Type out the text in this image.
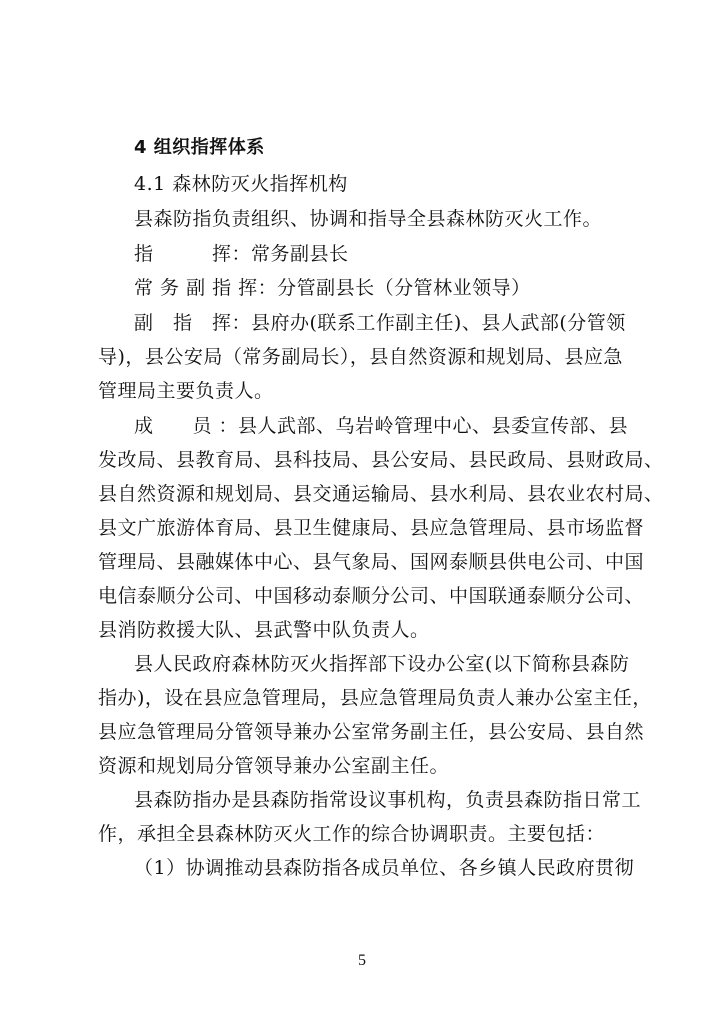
4 组织指挥体系
4.1 森林防灭火指挥机构
县森防指负责组织、协调和指导全县森林防灭火工作。
指　　　挥：常务副县长
常 务 副 指 挥：分管副县长（分管林业领导）
副　指　挥：县府办(联系工作副主任)、县人武部(分管领
导)，县公安局（常务副局长），县自然资源和规划局、县应急
管理局主要负责人。
成　　员 ：县人武部、乌岩岭管理中心、县委宣传部、县
发改局、县教育局、县科技局、县公安局、县民政局、县财政局、
县自然资源和规划局、县交通运输局、县水利局、县农业农村局、
县文广旅游体育局、县卫生健康局、县应急管理局、县市场监督
管理局、县融媒体中心、县气象局、国网泰顺县供电公司、中国
电信泰顺分公司、中国移动泰顺分公司、中国联通泰顺分公司、
县消防救援大队、县武警中队负责人。
县人民政府森林防灭火指挥部下设办公室(以下简称县森防
指办)，设在县应急管理局，县应急管理局负责人兼办公室主任，
县应急管理局分管领导兼办公室常务副主任，县公安局、县自然
资源和规划局分管领导兼办公室副主任。
县森防指办是县森防指常设议事机构，负责县森防指日常工
作，承担全县森林防灭火工作的综合协调职责。主要包括：
（1）协调推动县森防指各成员单位、各乡镇人民政府贯彻
5
